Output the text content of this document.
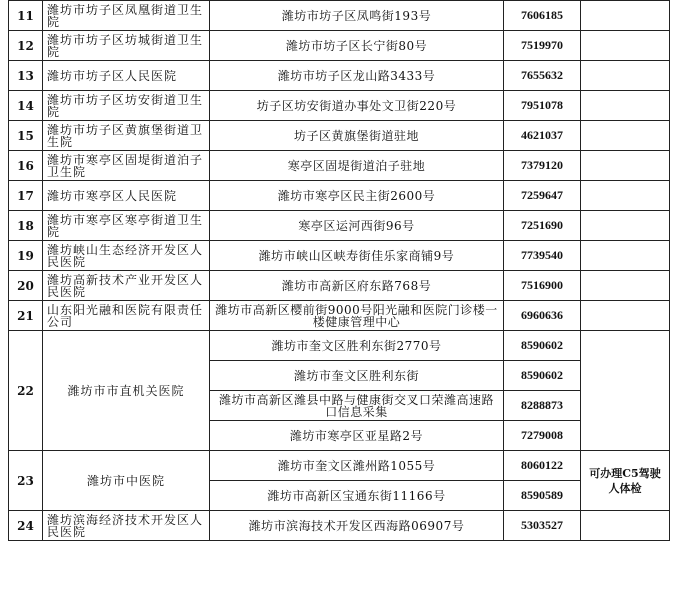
11	潍坊市坊子区凤凰街道卫生院	潍坊市坊子区凤鸣街193号	7606185	
12	潍坊市坊子区坊城街道卫生院	潍坊市坊子区长宁街80号	7519970	
13	潍坊市坊子区人民医院	潍坊市坊子区龙山路3433号	7655632	
14	潍坊市坊子区坊安街道卫生院	坊子区坊安街道办事处文卫街220号	7951078	
15	潍坊市坊子区黄旗堡街道卫生院	坊子区黄旗堡街道驻地	4621037	
16	潍坊市寒亭区固堤街道泊子卫生院	寒亭区固堤街道泊子驻地	7379120	
17	潍坊市寒亭区人民医院	潍坊市寒亭区民主街2600号	7259647	
18	潍坊市寒亭区寒亭街道卫生院	寒亭区运河西街96号	7251690	
19	潍坊峡山生态经济开发区人民医院	潍坊市峡山区峡寿街佳乐家商铺9号	7739540	
20	潍坊高新技术产业开发区人民医院	潍坊市高新区府东路768号	7516900	
21	山东阳光融和医院有限责任公司	潍坊市高新区樱前街9000号阳光融和医院门诊楼一楼健康管理中心	6960636	
22	潍坊市市直机关医院	潍坊市奎文区胜利东街2770号	8590602	
		潍坊市奎文区胜利东街	8590602	

		潍坊市高新区潍县中路与健康街交叉口荣潍高速路口信息采集	8288873	
		潍坊市寒亭区亚星路2号	7279008	
23	潍坊市中医院	潍坊市奎文区潍州路1055号	8060122	可办理C5驾驶人体检
		潍坊市高新区宝通东街11166号	8590589	
24	潍坊滨海经济技术开发区人民医院	潍坊市滨海技术开发区西海路06907号	5303527	
